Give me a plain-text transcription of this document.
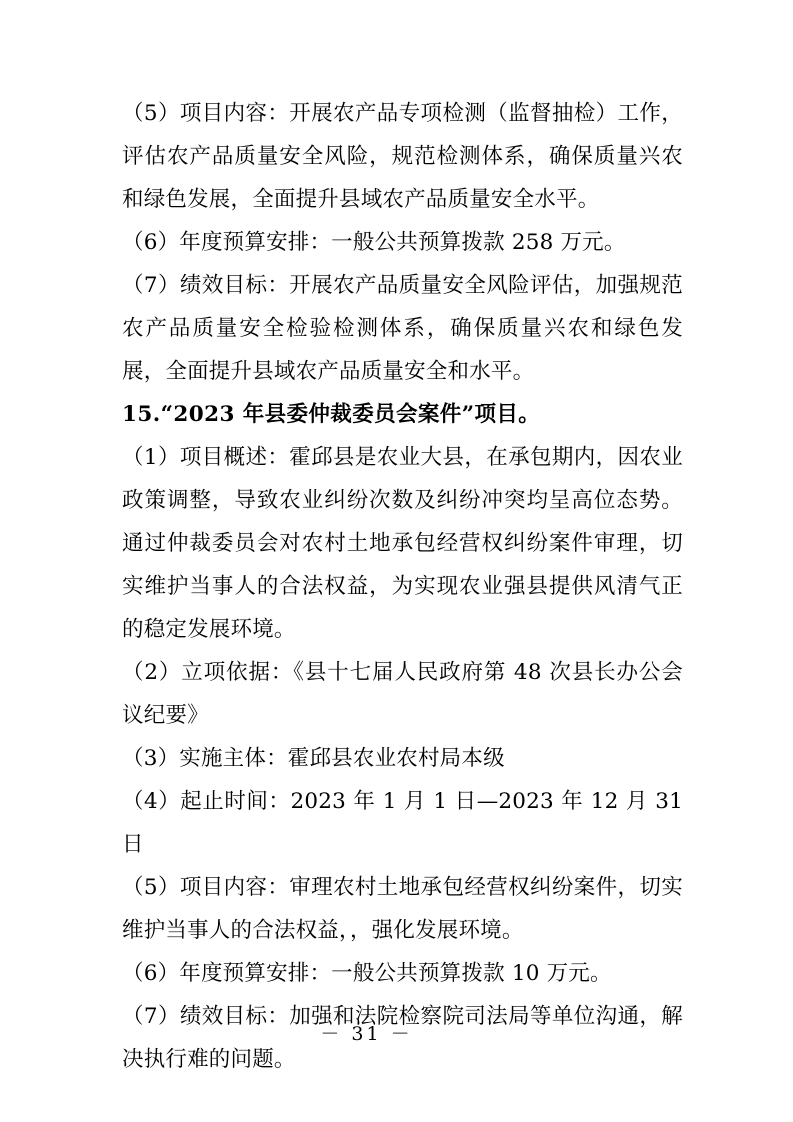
（5）项目内容：开展农产品专项检测（监督抽检）工作，评估农产品质量安全风险，规范检测体系，确保质量兴农和绿色发展，全面提升县域农产品质量安全水平。

（6）年度预算安排：一般公共预算拨款 258 万元。

（7）绩效目标：开展农产品质量安全风险评估，加强规范农产品质量安全检验检测体系，确保质量兴农和绿色发展，全面提升县域农产品质量安全和水平。

15.“2023 年县委仲裁委员会案件”项目。

（1）项目概述：霍邱县是农业大县，在承包期内，因农业政策调整，导致农业纠纷次数及纠纷冲突均呈高位态势。通过仲裁委员会对农村土地承包经营权纠纷案件审理，切实维护当事人的合法权益，为实现农业强县提供风清气正的稳定发展环境。

（2）立项依据：《县十七届人民政府第 48 次县长办公会议纪要》

（3）实施主体：霍邱县农业农村局本级

（4）起止时间：2023 年 1 月 1 日—2023 年 12 月 31 日

（5）项目内容：审理农村土地承包经营权纠纷案件，切实维护当事人的合法权益，，强化发展环境。

（6）年度预算安排：一般公共预算拨款 10 万元。

（7）绩效目标：加强和法院检察院司法局等单位沟通，解决执行难的问题。

－ 31 －
